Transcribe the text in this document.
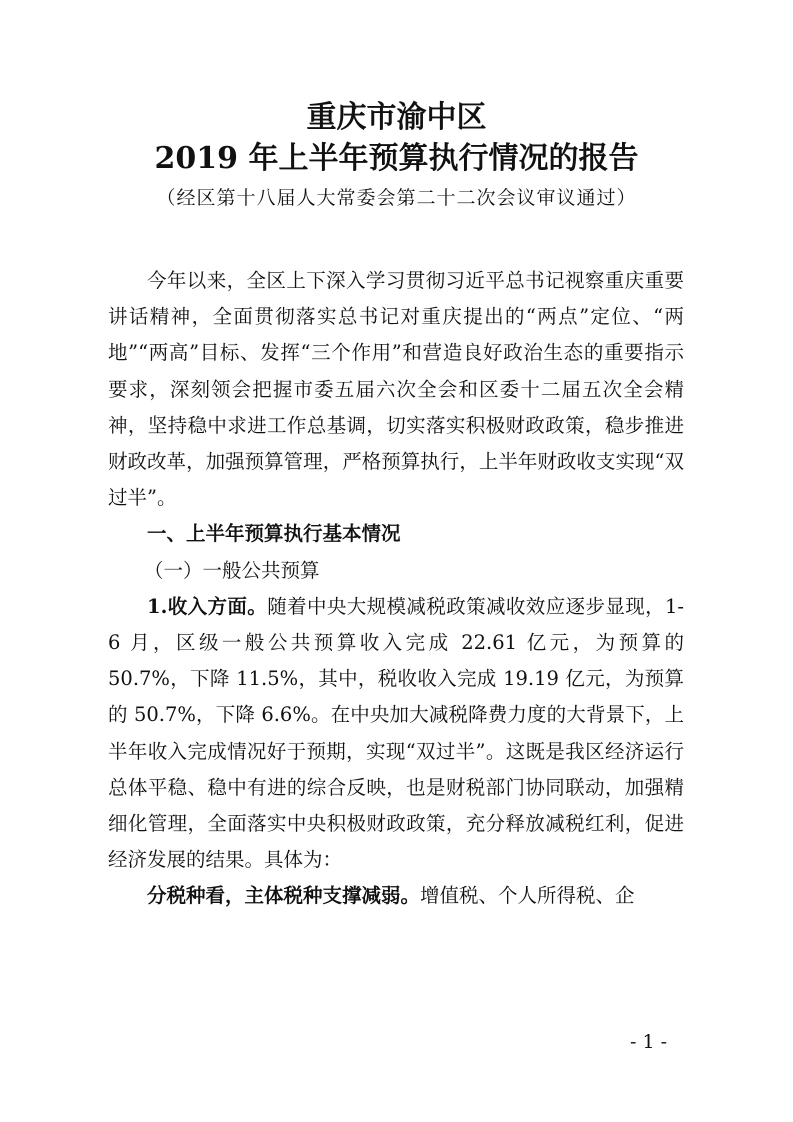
重庆市渝中区
2019 年上半年预算执行情况的报告

（经区第十八届人大常委会第二十二次会议审议通过）

今年以来，全区上下深入学习贯彻习近平总书记视察重庆重要讲话精神，全面贯彻落实总书记对重庆提出的“两点”定位、“两地”“两高”目标、发挥“三个作用”和营造良好政治生态的重要指示要求，深刻领会把握市委五届六次全会和区委十二届五次全会精神，坚持稳中求进工作总基调，切实落实积极财政政策，稳步推进财政改革，加强预算管理，严格预算执行，上半年财政收支实现“双过半”。

一、上半年预算执行基本情况

（一）一般公共预算

1.收入方面。随着中央大规模减税政策减收效应逐步显现，1-6 月，区级一般公共预算收入完成 22.61 亿元，为预算的 50.7%，下降 11.5%，其中，税收收入完成 19.19 亿元，为预算的 50.7%，下降 6.6%。在中央加大减税降费力度的大背景下，上半年收入完成情况好于预期，实现“双过半”。这既是我区经济运行总体平稳、稳中有进的综合反映，也是财税部门协同联动，加强精细化管理，全面落实中央积极财政政策，充分释放减税红利，促进经济发展的结果。具体为：

分税种看，主体税种支撑减弱。增值税、个人所得税、企

- 1 -
